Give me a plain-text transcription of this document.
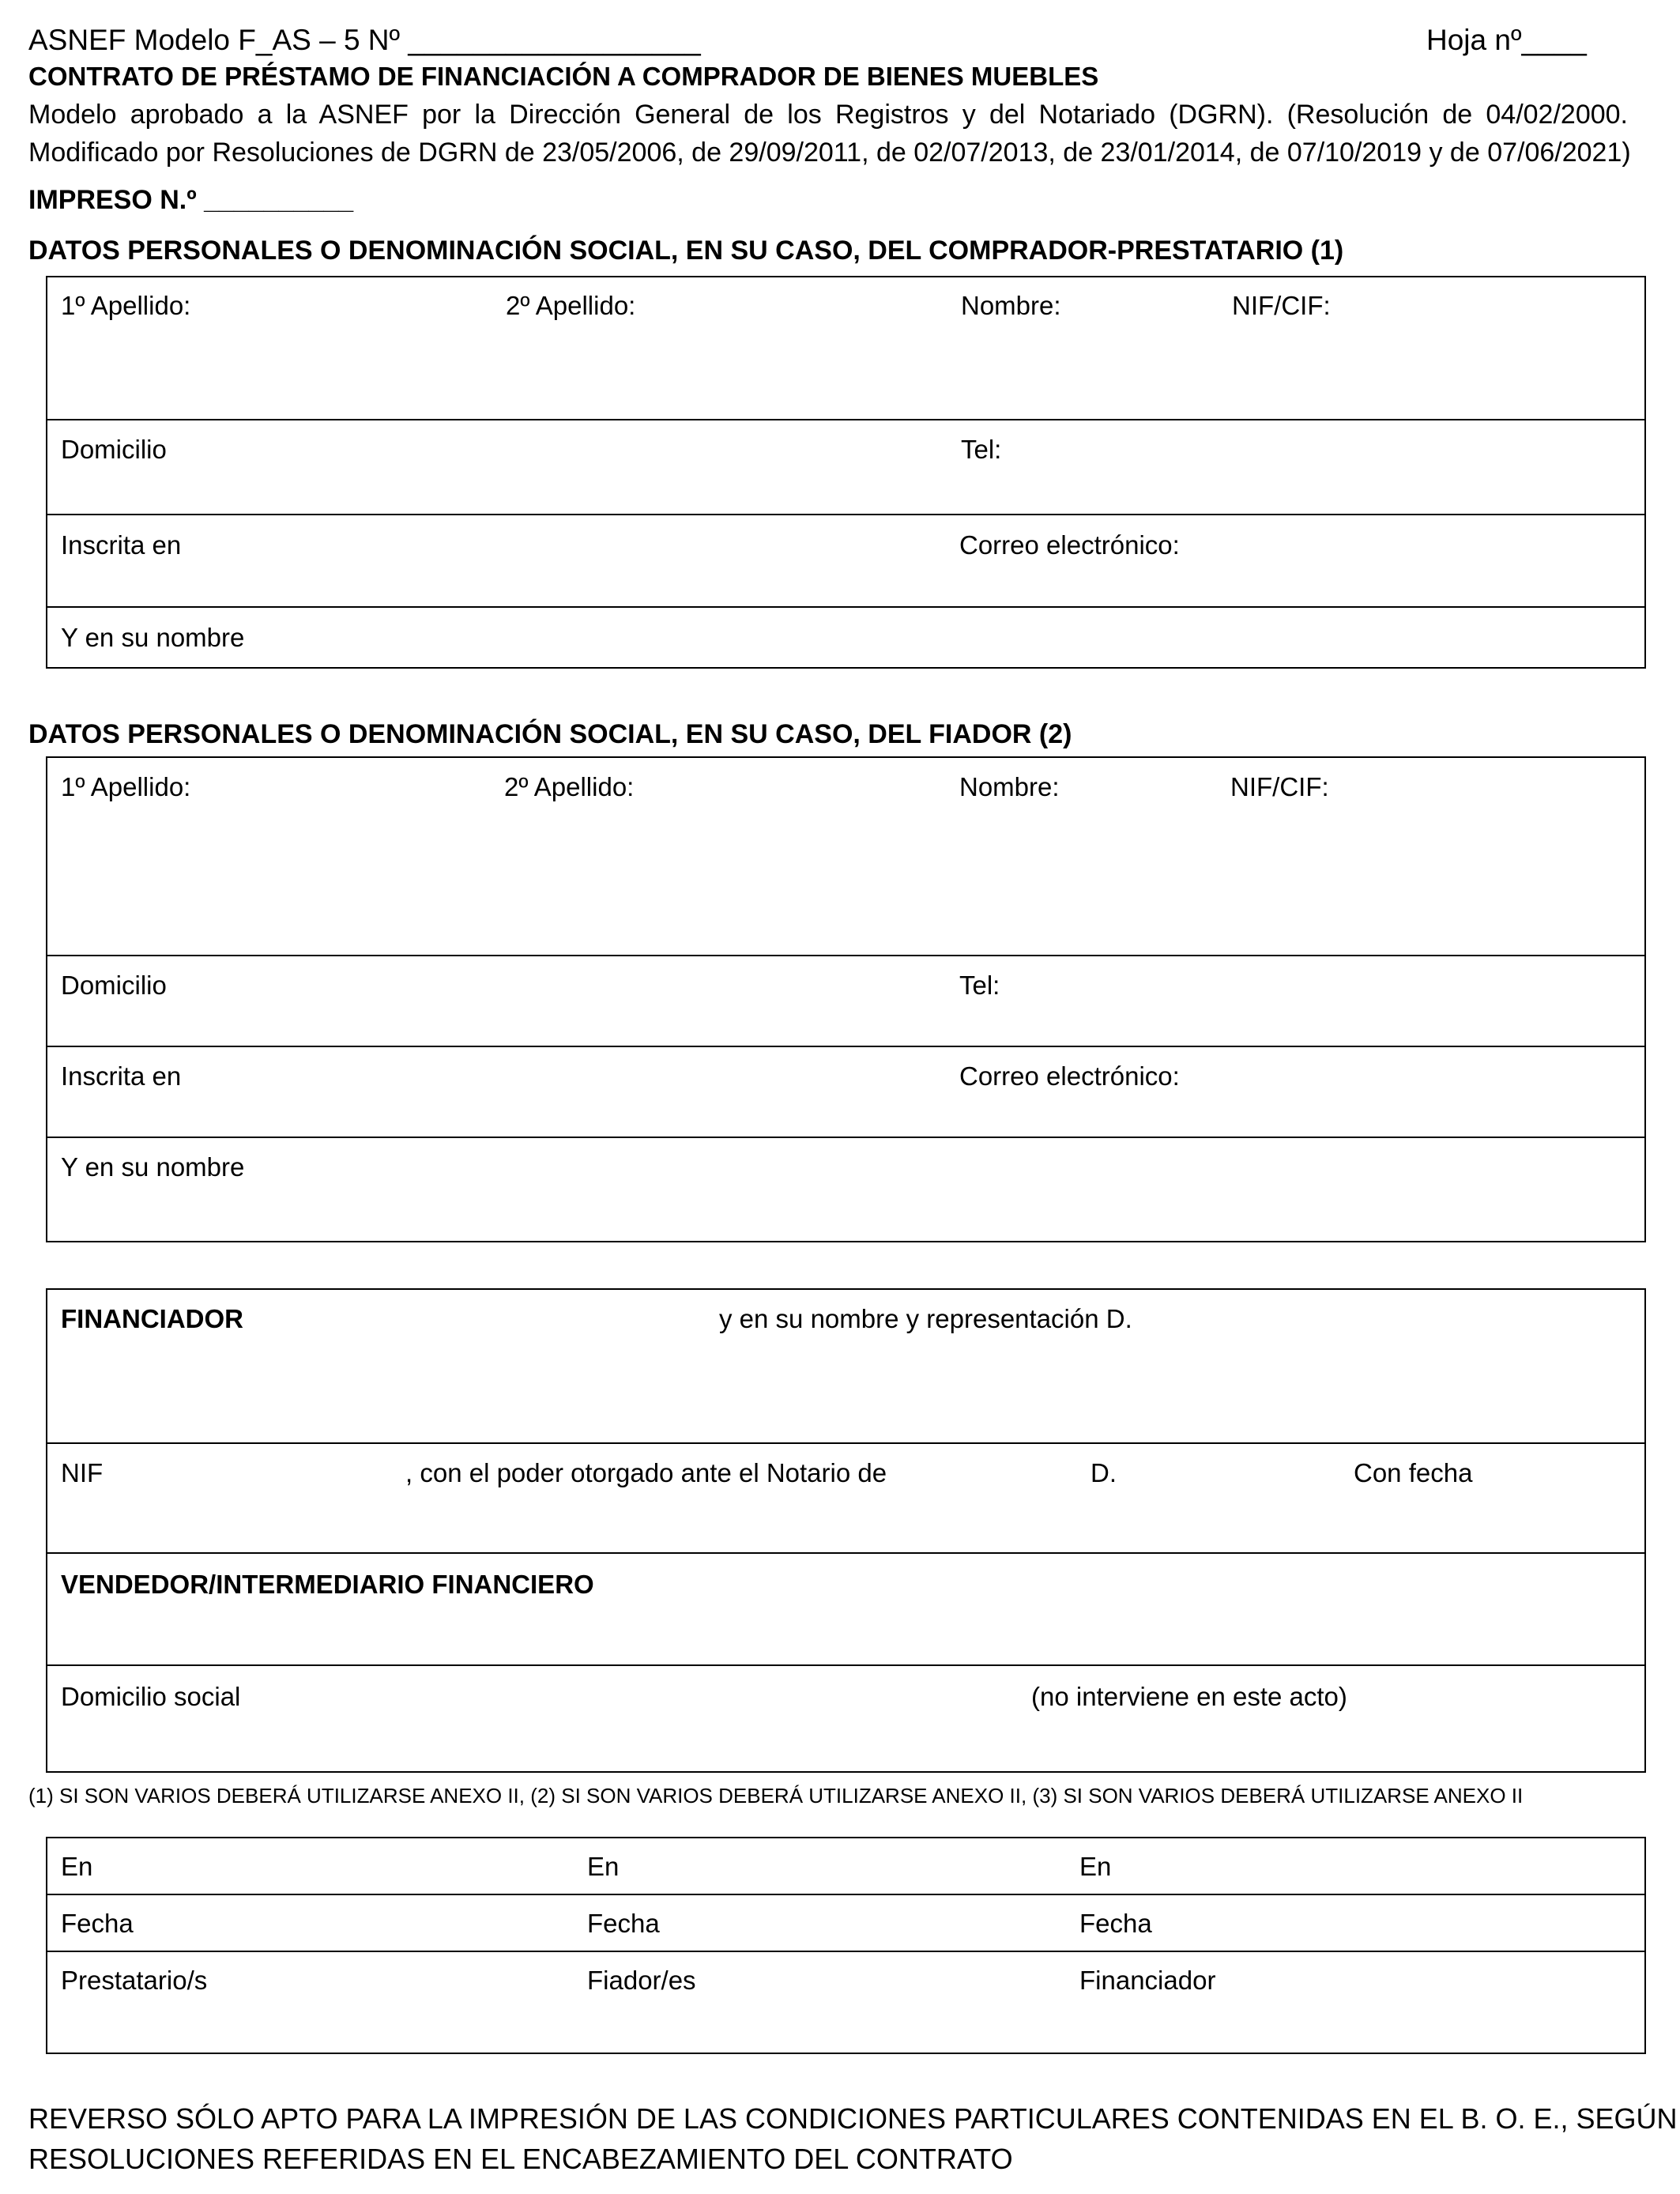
ASNEF Modelo F_AS – 5 Nº __________________	Hoja nº____
CONTRATO DE PRÉSTAMO DE FINANCIACIÓN A COMPRADOR DE BIENES MUEBLES
Modelo aprobado a la ASNEF por la Dirección General de los Registros y del Notariado (DGRN). (Resolución de 04/02/2000.
Modificado por Resoluciones de DGRN de 23/05/2006, de 29/09/2011, de 02/07/2013, de 23/01/2014, de 07/10/2019 y de 07/06/2021)
IMPRESO N.º __________
DATOS PERSONALES O DENOMINACIÓN SOCIAL, EN SU CASO, DEL COMPRADOR-PRESTATARIO (1)
1º Apellido:	2º Apellido:	Nombre:	NIF/CIF:
Domicilio	Tel:
Inscrita en	Correo electrónico:
Y en su nombre
DATOS PERSONALES O DENOMINACIÓN SOCIAL, EN SU CASO, DEL FIADOR (2)
1º Apellido:	2º Apellido:	Nombre:	NIF/CIF:
Domicilio	Tel:
Inscrita en	Correo electrónico:
Y en su nombre
FINANCIADOR	y en su nombre y representación D.
NIF	, con el poder otorgado ante el Notario de	D.	Con fecha
VENDEDOR/INTERMEDIARIO FINANCIERO
Domicilio social	(no interviene en este acto)
(1) SI SON VARIOS DEBERÁ UTILIZARSE ANEXO II, (2) SI SON VARIOS DEBERÁ UTILIZARSE ANEXO II, (3) SI SON VARIOS DEBERÁ UTILIZARSE ANEXO II
En	En	En
Fecha	Fecha	Fecha
Prestatario/s	Fiador/es	Financiador
REVERSO SÓLO APTO PARA LA IMPRESIÓN DE LAS CONDICIONES PARTICULARES CONTENIDAS EN EL B. O. E., SEGÚN
RESOLUCIONES REFERIDAS EN EL ENCABEZAMIENTO DEL CONTRATO
